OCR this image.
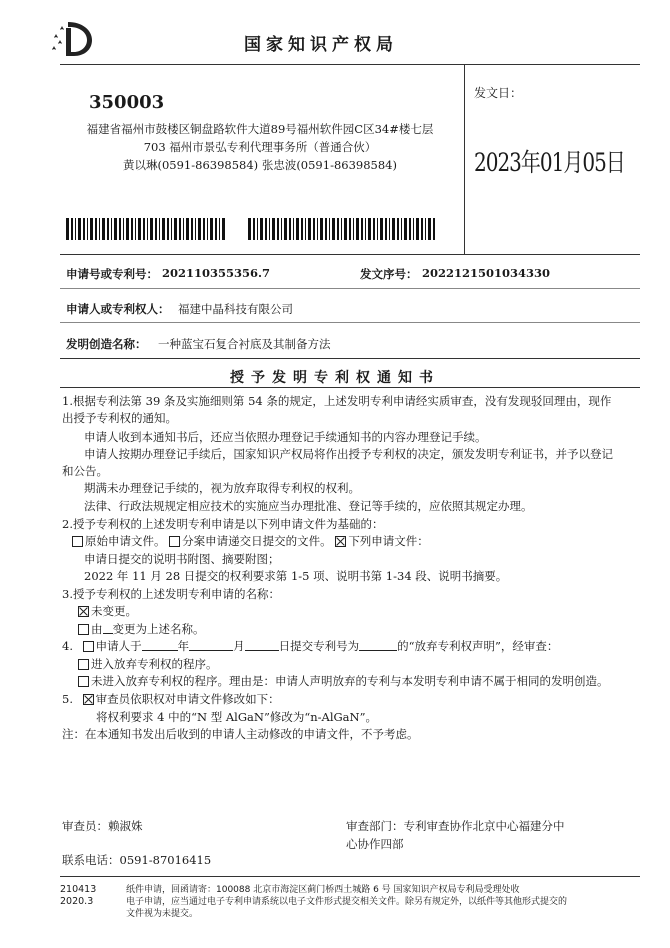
国家知识产权局
350003
福建省福州市鼓楼区铜盘路软件大道89号福州软件园C区34#楼七层
703 福州市景弘专利代理事务所（普通合伙）
黄以琳(0591-86398584) 张忠波(0591-86398584)
发文日：
2023年01月05日
申请号或专利号： 202110355356.7	发文序号： 2022121501034330
申请人或专利权人： 福建中晶科技有限公司
发明创造名称： 一种蓝宝石复合衬底及其制备方法
授予发明专利权通知书
1.根据专利法第 39 条及实施细则第 54 条的规定，上述发明专利申请经实质审查，没有发现驳回理由，现作
出授予专利权的通知。
申请人收到本通知书后，还应当依照办理登记手续通知书的内容办理登记手续。
申请人按期办理登记手续后，国家知识产权局将作出授予专利权的决定，颁发发明专利证书，并予以登记
和公告。
期满未办理登记手续的，视为放弃取得专利权的权利。
法律、行政法规规定相应技术的实施应当办理批准、登记等手续的，应依照其规定办理。
2.授予专利权的上述发明专利申请是以下列申请文件为基础的：
原始申请文件。 分案申请递交日提交的文件。 下列申请文件：
申请日提交的说明书附图、摘要附图；
2022 年 11 月 28 日提交的权利要求第 1-5 项、说明书第 1-34 段、说明书摘要。
3.授予专利权的上述发明专利申请的名称：
未变更。
由 变更为上述名称。
4. 申请人于	年	月	日提交专利号为	的“放弃专利权声明”，经审查：
进入放弃专利权的程序。
未进入放弃专利权的程序。理由是：申请人声明放弃的专利与本发明专利申请不属于相同的发明创造。
5. 审查员依职权对申请文件修改如下：
将权利要求 4 中的“N 型 AlGaN”修改为“n-AlGaN”。
注：在本通知书发出后收到的申请人主动修改的申请文件，不予考虑。
审查员：赖淑姝	审查部门：专利审查协作北京中心福建分中
心协作四部
联系电话：0591-87016415
210413
2020.3
纸件申请，回函请寄：100088 北京市海淀区蓟门桥西土城路 6 号 国家知识产权局专利局受理处收
电子申请，应当通过电子专利申请系统以电子文件形式提交相关文件。除另有规定外，以纸件等其他形式提交的
文件视为未提交。
